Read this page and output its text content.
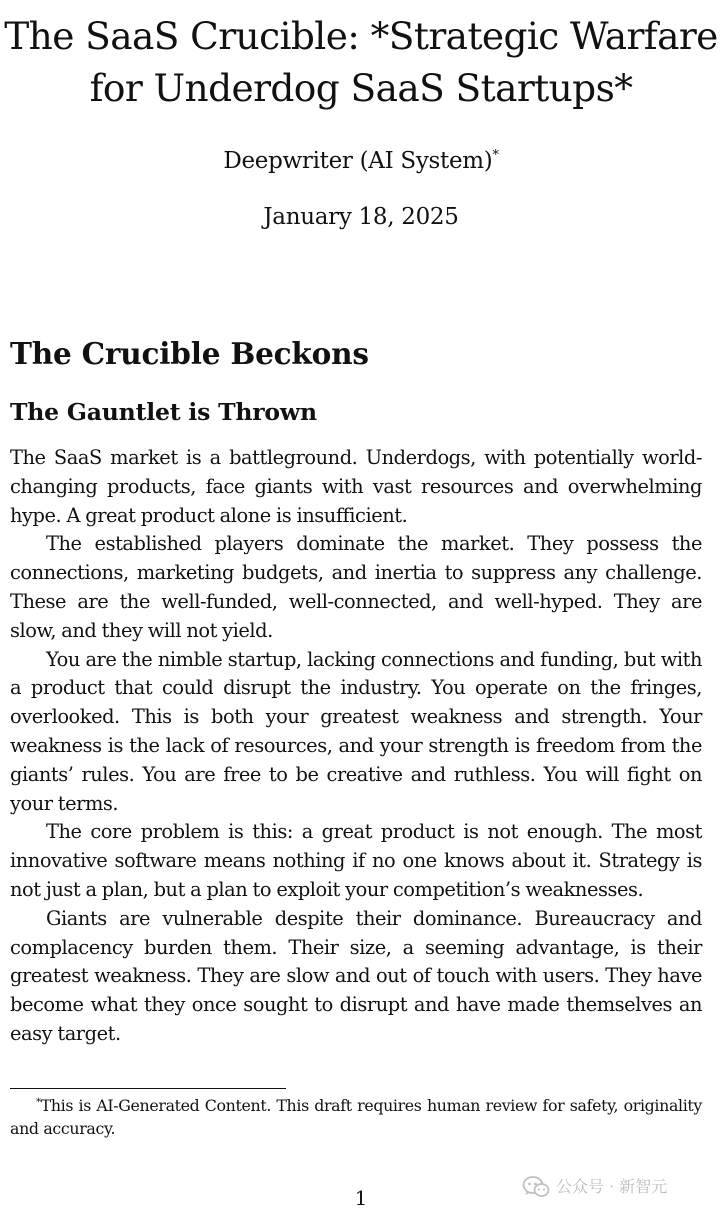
The SaaS Crucible: *Strategic Warfare
for Underdog SaaS Startups*
Deepwriter (AI System)*
January 18, 2025
The Crucible Beckons
The Gauntlet is Thrown

The SaaS market is a battleground. Underdogs, with potentially world-changing products, face giants with vast resources and overwhelming hype. A great product alone is insufficient.

The established players dominate the market. They possess the connections, marketing budgets, and inertia to suppress any challenge. These are the well-funded, well-connected, and well-hyped. They are slow, and they will not yield.

You are the nimble startup, lacking connections and funding, but with a product that could disrupt the industry. You operate on the fringes, overlooked. This is both your greatest weakness and strength. Your weakness is the lack of resources, and your strength is freedom from the giants’ rules. You are free to be creative and ruthless. You will fight on your terms.

The core problem is this: a great product is not enough. The most innovative software means nothing if no one knows about it. Strategy is not just a plan, but a plan to exploit your competition’s weaknesses.

Giants are vulnerable despite their dominance. Bureaucracy and complacency burden them. Their size, a seeming advantage, is their greatest weakness. They are slow and out of touch with users. They have become what they once sought to disrupt and have made themselves an easy target.

*This is AI-Generated Content. This draft requires human review for safety, originality and accuracy.
1	公众号 · 新智元
